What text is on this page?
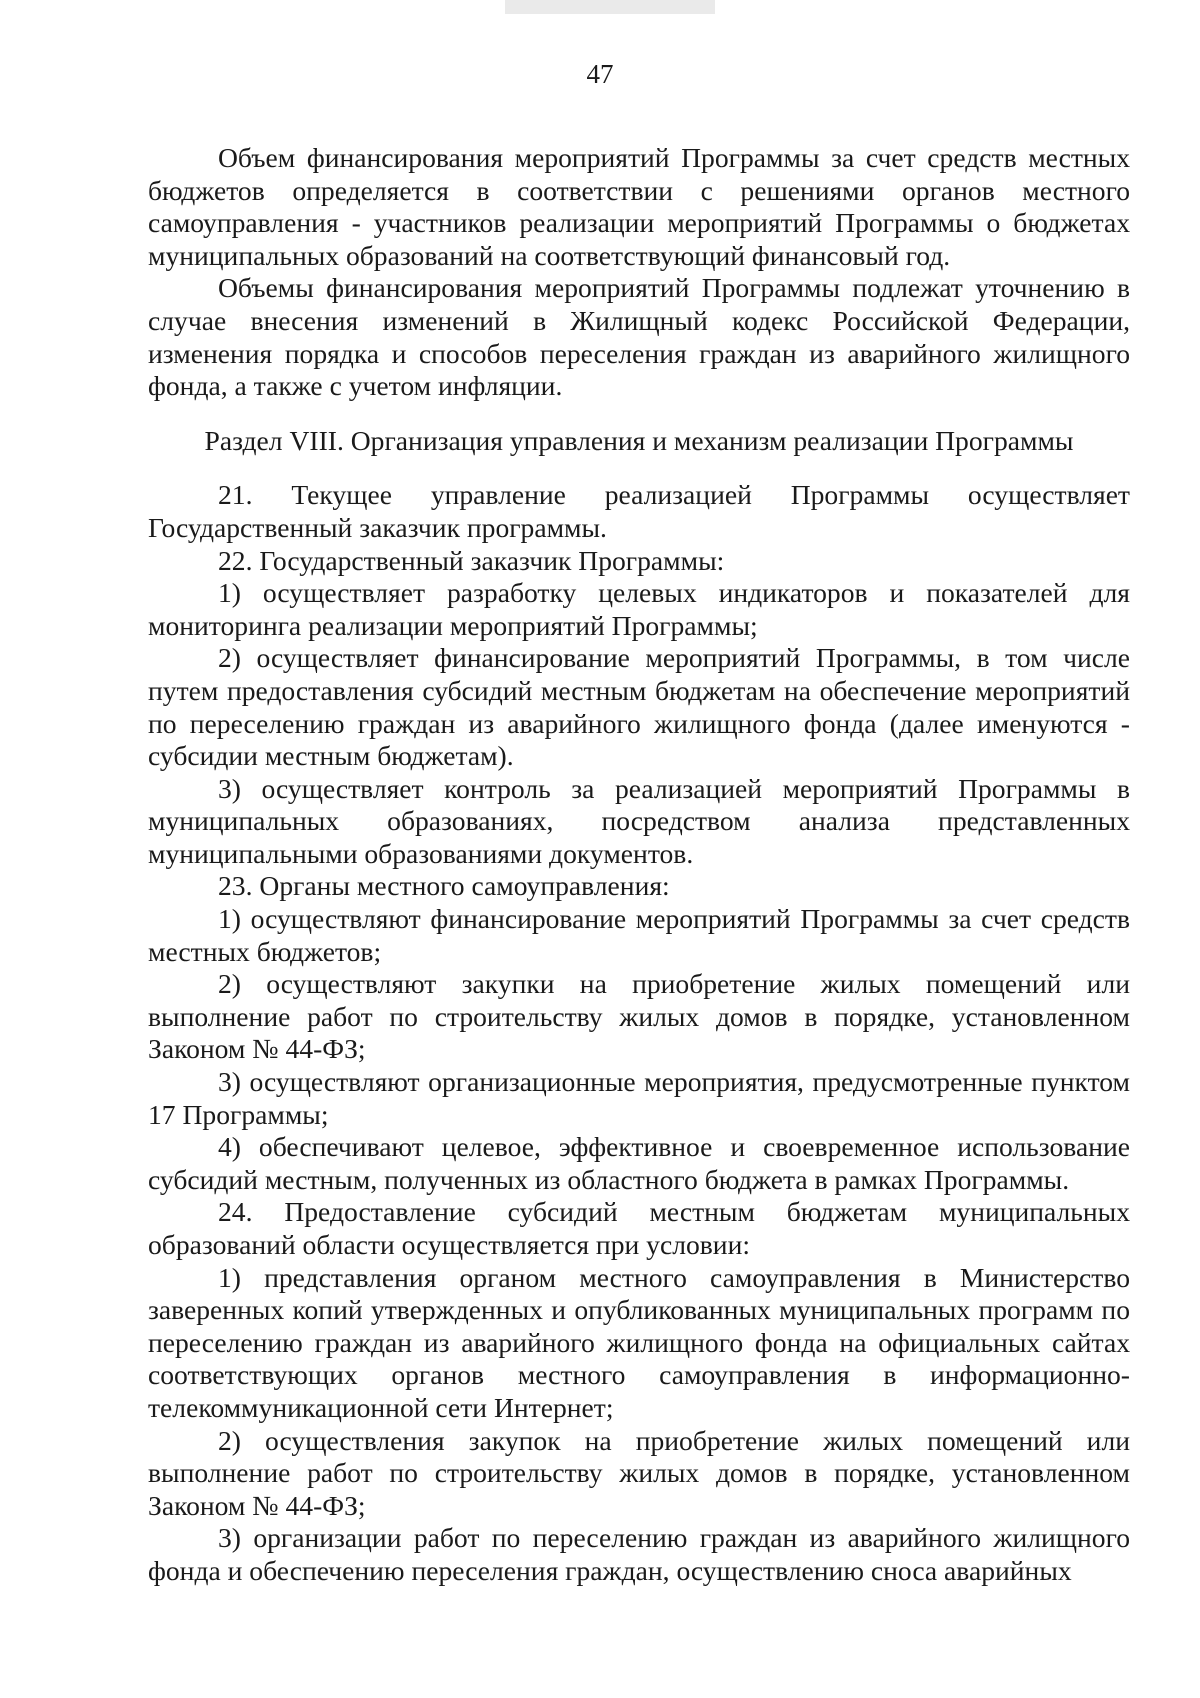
47

Объем финансирования мероприятий Программы за счет средств местных бюджетов определяется в соответствии с решениями органов местного самоуправления - участников реализации мероприятий Программы о бюджетах муниципальных образований на соответствующий финансовый год.

Объемы финансирования мероприятий Программы подлежат уточнению в случае внесения изменений в Жилищный кодекс Российской Федерации, изменения порядка и способов переселения граждан из аварийного жилищного фонда, а также с учетом инфляции.

Раздел VIII. Организация управления и механизм реализации Программы

21. Текущее управление реализацией Программы осуществляет Государственный заказчик программы.

22. Государственный заказчик Программы:

1) осуществляет разработку целевых индикаторов и показателей для мониторинга реализации мероприятий Программы;

2) осуществляет финансирование мероприятий Программы, в том числе путем предоставления субсидий местным бюджетам на обеспечение мероприятий по переселению граждан из аварийного жилищного фонда (далее именуются - субсидии местным бюджетам).

3) осуществляет контроль за реализацией мероприятий Программы в муниципальных образованиях, посредством анализа представленных муниципальными образованиями документов.

23. Органы местного самоуправления:

1) осуществляют финансирование мероприятий Программы за счет средств местных бюджетов;

2) осуществляют закупки на приобретение жилых помещений или выполнение работ по строительству жилых домов в порядке, установленном Законом № 44-ФЗ;

3) осуществляют организационные мероприятия, предусмотренные пунктом 17 Программы;

4) обеспечивают целевое, эффективное и своевременное использование субсидий местным, полученных из областного бюджета в рамках Программы.

24. Предоставление субсидий местным бюджетам муниципальных образований области осуществляется при условии:

1) представления органом местного самоуправления в Министерство заверенных копий утвержденных и опубликованных муниципальных программ по переселению граждан из аварийного жилищного фонда на официальных сайтах соответствующих органов местного самоуправления в информационно-телекоммуникационной сети Интернет;

2) осуществления закупок на приобретение жилых помещений или выполнение работ по строительству жилых домов в порядке, установленном Законом № 44-ФЗ;

3) организации работ по переселению граждан из аварийного жилищного фонда и обеспечению переселения граждан, осуществлению сноса аварийных
